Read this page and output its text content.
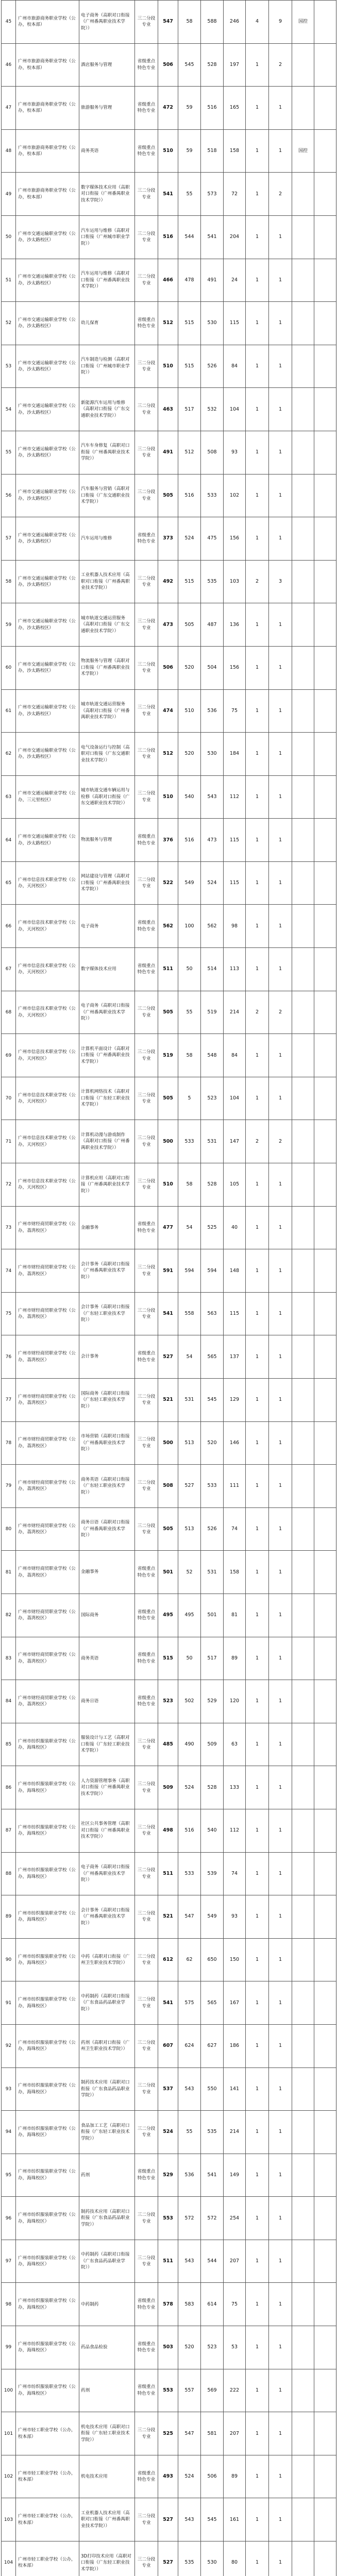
45	广州市旅游商务职业学校（公办，校本部）	电子商务（高职对口衔接（广州番禺职业技术学院））	三二分段专业	547	58	588	246	4	9	国控	
46	广州市旅游商务职业学校（公办，校本部）	酒店服务与管理	省级重点特色专业	506	545	528	197	1	2		
47	广州市旅游商务职业学校（公办，校本部）	旅游服务与管理	省级重点特色专业	472	59	516	165	1	1		
48	广州市旅游商务职业学校（公办，校本部）	商务英语	省级重点特色专业	510	59	518	158	1	1	国控	
49	广州市旅游商务职业学校（公办，校本部）	数字媒体技术应用（高职对口衔接（广州番禺职业技术学院））	三二分段专业	541	55	573	72	1	2		
50	广州市交通运输职业学校（公办，沙太路校区）	汽车运用与维修（高职对口衔接（广州城市职业学院））	三二分段专业	516	544	541	204	1	1		
51	广州市交通运输职业学校（公办，沙太路校区）	汽车运用与维修（高职对口衔接（广州番禺职业技术学院））	三二分段专业	466	478	491	24	1	1		
52	广州市交通运输职业学校（公办，沙太路校区）	幼儿保育	省级重点特色专业	512	515	530	115	1	1		
53	广州市交通运输职业学校（公办，沙太路校区）	汽车制造与检测（高职对口衔接（广州城市职业学院））	三二分段专业	510	515	526	84	1	1		
54	广州市交通运输职业学校（公办，沙太路校区）	新能源汽车运用与维修（高职对口衔接（广东交通职业技术学院））	三二分段专业	463	517	532	104	1	1		
55	广州市交通运输职业学校（公办，沙太路校区）	汽车车身修复（高职对口衔接（广州番禺职业技术学院））	三二分段专业	491	512	508	93	1	1		
56	广州市交通运输职业学校（公办，沙太路校区）	汽车服务与营销（高职对口衔接（广东交通职业技术学院））	三二分段专业	505	516	533	102	1	1		
57	广州市交通运输职业学校（公办，沙太路校区）	汽车运用与维修	省级重点特色专业	373	524	475	156	1	1		
58	广州市交通运输职业学校（公办，沙太路校区）	工业机器人技术应用（高职对口衔接（广州番禺职业技术学院））	三二分段专业	492	515	535	103	2	3		
59	广州市交通运输职业学校（公办，沙太路校区）	城市轨道交通运营服务（高职对口衔接（广东交通职业技术学院））	三二分段专业	473	505	487	136	1	1		
60	广州市交通运输职业学校（公办，沙太路校区）	物流服务与管理（高职对口衔接（广州番禺职业技术学院））	三二分段专业	506	520	504	156	1	1		
61	广州市交通运输职业学校（公办，沙太路校区）	城市轨道交通运营服务（高职对口衔接（广州番禺职业技术学院））	三二分段专业	474	510	536	75	1	1		
62	广州市交通运输职业学校（公办，沙太路校区）	电气设备运行与控制（高职对口衔接（广东交通职业技术学院））	三二分段专业	512	520	530	184	1	1		
63	广州市交通运输职业学校（公办，三元里校区）	城市轨道交通车辆运用与检修（高职对口衔接（广东交通职业技术学院））	三二分段专业	510	540	543	112	1	1		
64	广州市交通运输职业学校（公办，沙太路校区）	物流服务与管理	省级重点特色专业	376	516	473	115	1	1		
65	广州市信息技术职业学校（公办，天河校区）	网站建设与管理（高职对口衔接（广州番禺职业技术学院））	三二分段专业	522	549	524	115	1	1		
66	广州市信息技术职业学校（公办，天河校区）	电子商务	省级重点特色专业	562	100	562	98	1	1		
67	广州市信息技术职业学校（公办，天河校区）	数字媒体技术应用	省级重点特色专业	511	50	514	113	1	1		
68	广州市信息技术职业学校（公办，天河校区）	电子商务（高职对口衔接（广州番禺职业技术学院））	三二分段专业	505	55	519	214	2	2		
69	广州市信息技术职业学校（公办，天河校区）	计算机平面设计（高职对口衔接（广州番禺职业技术学院））	三二分段专业	519	58	548	84	1	1		
70	广州市信息技术职业学校（公办，天河校区）	计算机网络技术（高职对口衔接（广东轻工职业技术学院））	三二分段专业	505	5	523	104	1	1		
71	广州市信息技术职业学校（公办，天河校区）	计算机动漫与游戏制作（高职对口衔接（广州番禺职业技术学院））	三二分段专业	500	533	531	147	2	2		
72	广州市信息技术职业学校（公办，天河校区）	计算机应用（高职对口衔接（广州番禺职业技术学院））	三二分段专业	510	58	528	105	1	1		
73	广州市财经商贸职业学校（公办，荔湾校区）	金融事务	省级重点特色专业	477	54	525	40	1	1		
74	广州市财经商贸职业学校（公办，荔湾校区）	会计事务（高职对口衔接（广州番禺职业技术学院））	三二分段专业	591	594	594	148	1	1		
75	广州市财经商贸职业学校（公办，荔湾校区）	会计事务（高职对口衔接（广东轻工职业技术学院））	三二分段专业	541	558	563	115	1	1		
76	广州市财经商贸职业学校（公办，荔湾校区）	会计事务	省级重点特色专业	527	54	565	137	1	1		
77	广州市财经商贸职业学校（公办，荔湾校区）	国际商务（高职对口衔接（广东轻工职业技术学院））	三二分段专业	521	531	545	129	1	1		
78	广州市财经商贸职业学校（公办，荔湾校区）	市场营销（高职对口衔接（广州番禺职业技术学院））	三二分段专业	500	513	520	146	1	1		
79	广州市财经商贸职业学校（公办，荔湾校区）	商务英语（高职对口衔接（广东轻工职业技术学院））	三二分段专业	508	527	533	111	1	1		
80	广州市财经商贸职业学校（公办，荔湾校区）	商务日语（高职对口衔接（广州番禺职业技术学院））	三二分段专业	505	513	526	74	1	1		
81	广州市财经商贸职业学校（公办，荔湾校区）	金融事务	省级重点特色专业	501	52	531	158	1	1		
82	广州市财经商贸职业学校（公办，荔湾校区）	国际商务	省级重点特色专业	495	495	501	81	1	1		
83	广州市财经商贸职业学校（公办，荔湾校区）	商务英语	省级重点特色专业	515	50	517	89	1	1		
84	广州市财经商贸职业学校（公办，荔湾校区）	商务日语	省级重点特色专业	523	502	529	120	1	1		
85	广州市纺织服装职业学校（公办，海珠校区）	服装设计与工艺（高职对口衔接（广东轻工职业技术学院））	三二分段专业	485	490	509	63	1	1		
86	广州市纺织服装职业学校（公办，海珠校区）	人力资源管理事务（高职对口衔接（广州番禺职业技术学院））	三二分段专业	509	524	528	133	1	1		
87	广州市纺织服装职业学校（公办，海珠校区）	社区公共事务管理（高职对口衔接（广州番禺职业技术学院））	三二分段专业	498	516	540	112	1	1		
88	广州市纺织服装职业学校（公办，海珠校区）	电子商务（高职对口衔接（广州番禺职业技术学院））	三二分段专业	511	533	539	74	1	1		
89	广州市纺织服装职业学校（公办，海珠校区）	会计事务（高职对口衔接（广州番禺职业技术学院））	三二分段专业	521	547	549	93	1	1		
90	广州市纺织服装职业学校（公办，海珠校区）	中药（高职对口衔接（广州卫生职业技术学院））	三二分段专业	612	62	650	150	1	1		
91	广州市纺织服装职业学校（公办，海珠校区）	中药制药（高职对口衔接（广东食品药品职业学院））	三二分段专业	541	575	565	167	1	1		
92	广州市纺织服装职业学校（公办，海珠校区）	药剂（高职对口衔接（广州卫生职业技术学院））	三二分段专业	607	624	627	186	1	1		
93	广州市纺织服装职业学校（公办，海珠校区）	制药技术应用（高职对口衔接（广东食品药品职业学院））	三二分段专业	537	543	550	141	1	1		
94	广州市纺织服装职业学校（公办，海珠校区）	食品加工工艺（高职对口衔接（广东轻工职业技术学院））	三二分段专业	524	55	535	214	1	1		
95	广州市纺织服装职业学校（公办，海珠校区）	药剂	省级重点特色专业	529	536	541	149	1	1		
96	广州市纺织服装职业学校（公办，海珠校区）	制药技术应用（高职对口衔接（广东食品药品职业学院））	三二分段专业	553	572	572	254	1	1		
97	广州市纺织服装职业学校（公办，海珠校区）	中药制药（高职对口衔接（广东食品药品职业学院））	三二分段专业	511	543	544	207	1	1		
98	广州市纺织服装职业学校（公办，海珠校区）	中药制药	省级重点特色专业	578	583	614	75	1	1		
99	广州市纺织服装职业学校（公办，海珠校区）	药品食品检验	省级重点特色专业	503	520	523	53	1	1		
100	广州市纺织服装职业学校（公办，海珠校区）	药剂	省级重点特色专业	553	557	569	222	1	1		
101	广州市轻工职业学校（公办，校本部）	机电技术应用（高职对口衔接（广东轻工职业技术学院））	三二分段专业	525	547	581	207	1	1		
102	广州市轻工职业学校（公办，校本部）	机电技术应用	省级重点特色专业	493	524	506	89	1	1		
103	广州市轻工职业学校（公办，校本部）	工业机器人技术应用（高职对口衔接（广州番禺职业技术学院））	三二分段专业	527	543	545	161	1	1		
104	广州市轻工职业学校（公办，校本部）	3D打印技术应用（高职对口衔接（广东轻工职业技术学院））	三二分段专业	527	535	530	80	1	1		
